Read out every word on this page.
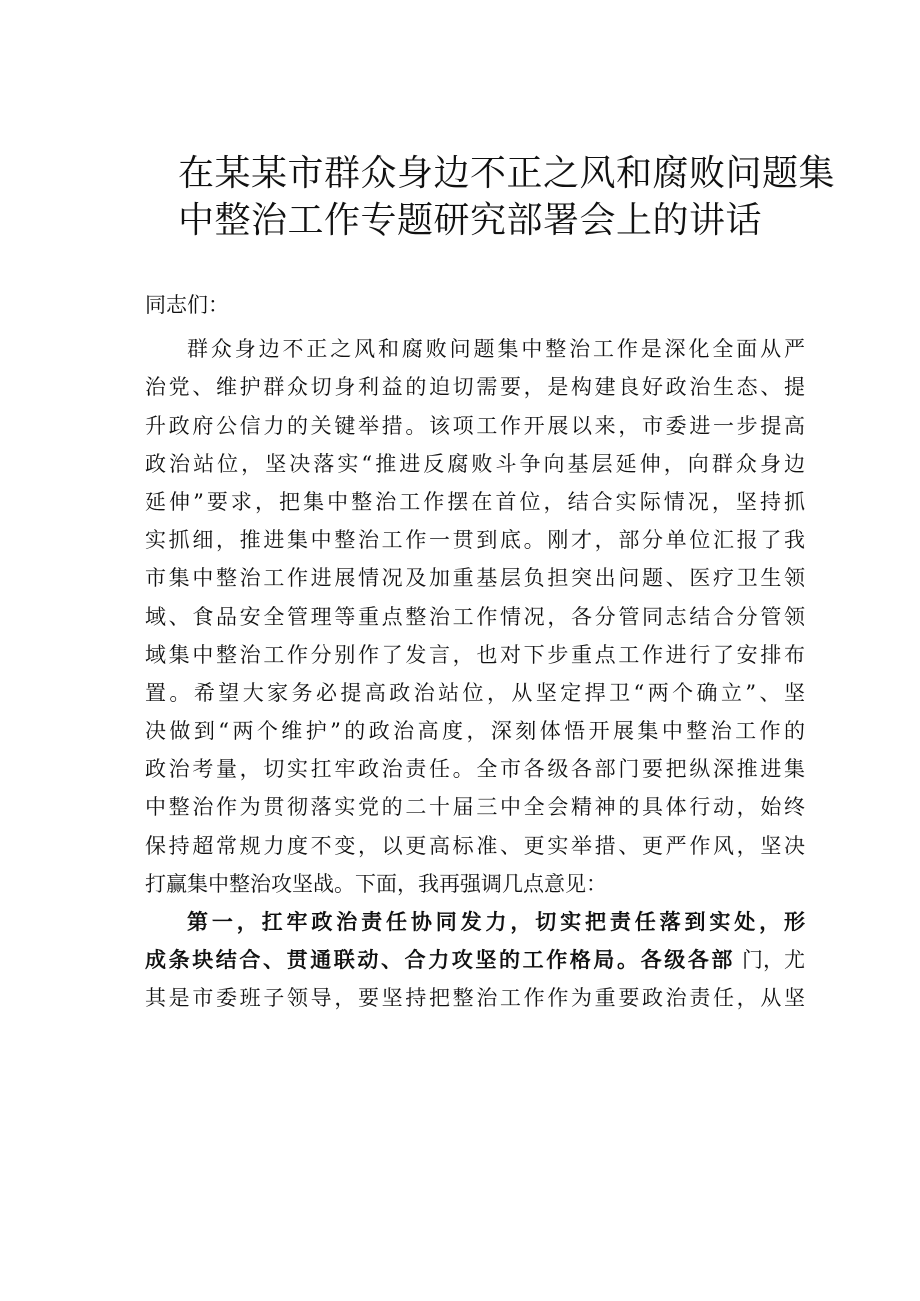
在某某市群众身边不正之风和腐败问题集
中整治工作专题研究部署会上的讲话
同志们：
群众身边不正之风和腐败问题集中整治工作是深化全面从严
治党、维护群众切身利益的迫切需要，是构建良好政治生态、提
升政府公信力的关键举措。该项工作开展以来，市委进一步提高
政治站位，坚决落实“推进反腐败斗争向基层延伸，向群众身边
延伸”要求，把集中整治工作摆在首位，结合实际情况，坚持抓
实抓细，推进集中整治工作一贯到底。刚才，部分单位汇报了我
市集中整治工作进展情况及加重基层负担突出问题、医疗卫生领
域、食品安全管理等重点整治工作情况，各分管同志结合分管领
域集中整治工作分别作了发言，也对下步重点工作进行了安排布
置。希望大家务必提高政治站位，从坚定捍卫“两个确立”、坚
决做到“两个维护”的政治高度，深刻体悟开展集中整治工作的
政治考量，切实扛牢政治责任。全市各级各部门要把纵深推进集
中整治作为贯彻落实党的二十届三中全会精神的具体行动，始终
保持超常规力度不变，以更高标准、更实举措、更严作风，坚决
打赢集中整治攻坚战。下面，我再强调几点意见：
第一，扛牢政治责任协同发力，切实把责任落到实处，形
成条块结合、贯通联动、合力攻坚的工作格局。各级各部 门，尤
其是市委班子领导，要坚持把整治工作作为重要政治责任，从坚
